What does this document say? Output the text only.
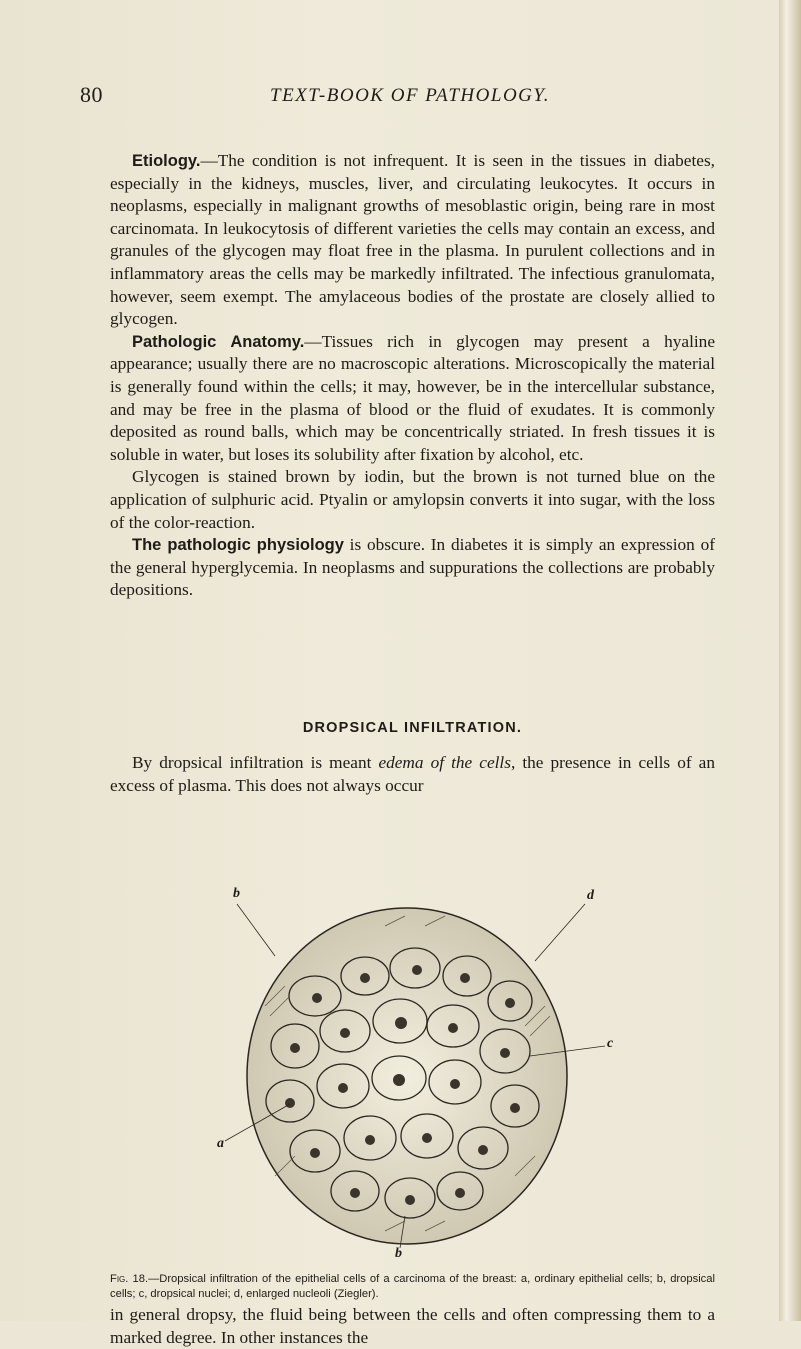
80	TEXT-BOOK OF PATHOLOGY.

Etiology.—The condition is not infrequent. It is seen in the tissues in diabetes, especially in the kidneys, muscles, liver, and circulating leukocytes. It occurs in neoplasms, especially in malignant growths of mesoblastic origin, being rare in most carcinomata. In leukocytosis of different varieties the cells may contain an excess, and granules of the glycogen may float free in the plasma. In purulent collections and in inflammatory areas the cells may be markedly infiltrated. The infectious granulomata, however, seem exempt. The amylaceous bodies of the prostate are closely allied to glycogen.

Pathologic Anatomy.—Tissues rich in glycogen may present a hyaline appearance; usually there are no macroscopic alterations. Microscopically the material is generally found within the cells; it may, however, be in the intercellular substance, and may be free in the plasma of blood or the fluid of exudates. It is commonly deposited as round balls, which may be concentrically striated. In fresh tissues it is soluble in water, but loses its solubility after fixation by alcohol, etc.

Glycogen is stained brown by iodin, but the brown is not turned blue on the application of sulphuric acid. Ptyalin or amylopsin converts it into sugar, with the loss of the color-reaction.

The pathologic physiology is obscure. In diabetes it is simply an expression of the general hyperglycemia. In neoplasms and suppurations the collections are probably depositions.

DROPSICAL INFILTRATION.

By dropsical infiltration is meant edema of the cells, the presence in cells of an excess of plasma. This does not always occur

b	d
c
a
b
Fig. 18.—Dropsical infiltration of the epithelial cells of a carcinoma of the breast: a, ordinary epithelial cells; b, dropsical cells; c, dropsical nuclei; d, enlarged nucleoli (Ziegler).

in general dropsy, the fluid being between the cells and often compressing them to a marked degree. In other instances the
